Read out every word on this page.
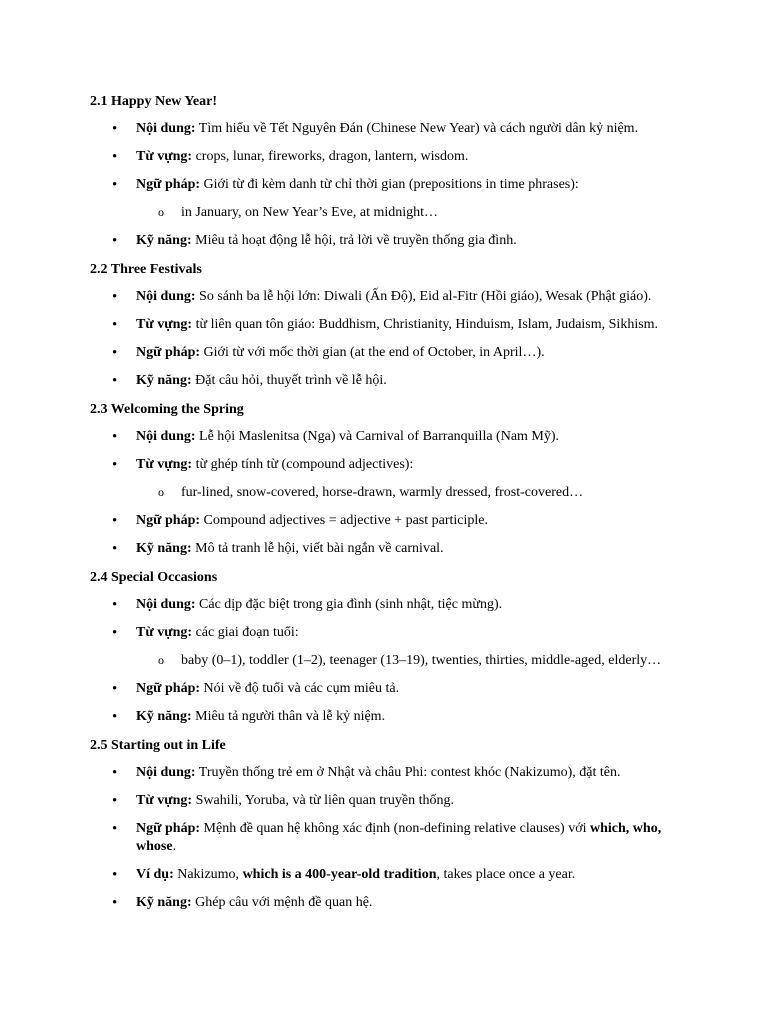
2.1 Happy New Year!
• Nội dung: Tìm hiểu về Tết Nguyên Đán (Chinese New Year) và cách người dân kỷ niệm.
• Từ vựng: crops, lunar, fireworks, dragon, lantern, wisdom.
• Ngữ pháp: Giới từ đi kèm danh từ chỉ thời gian (prepositions in time phrases):
o in January, on New Year’s Eve, at midnight…
• Kỹ năng: Miêu tả hoạt động lễ hội, trả lời về truyền thống gia đình.
2.2 Three Festivals
• Nội dung: So sánh ba lễ hội lớn: Diwali (Ấn Độ), Eid al-Fitr (Hồi giáo), Wesak (Phật giáo).
• Từ vựng: từ liên quan tôn giáo: Buddhism, Christianity, Hinduism, Islam, Judaism, Sikhism.
• Ngữ pháp: Giới từ với mốc thời gian (at the end of October, in April…).
• Kỹ năng: Đặt câu hỏi, thuyết trình về lễ hội.
2.3 Welcoming the Spring
• Nội dung: Lễ hội Maslenitsa (Nga) và Carnival of Barranquilla (Nam Mỹ).
• Từ vựng: từ ghép tính từ (compound adjectives):
o fur-lined, snow-covered, horse-drawn, warmly dressed, frost-covered…
• Ngữ pháp: Compound adjectives = adjective + past participle.
• Kỹ năng: Mô tả tranh lễ hội, viết bài ngắn về carnival.
2.4 Special Occasions
• Nội dung: Các dịp đặc biệt trong gia đình (sinh nhật, tiệc mừng).
• Từ vựng: các giai đoạn tuổi:
o baby (0–1), toddler (1–2), teenager (13–19), twenties, thirties, middle-aged, elderly…
• Ngữ pháp: Nói về độ tuổi và các cụm miêu tả.
• Kỹ năng: Miêu tả người thân và lễ kỷ niệm.
2.5 Starting out in Life
• Nội dung: Truyền thống trẻ em ở Nhật và châu Phi: contest khóc (Nakizumo), đặt tên.
• Từ vựng: Swahili, Yoruba, và từ liên quan truyền thống.
• Ngữ pháp: Mệnh đề quan hệ không xác định (non-defining relative clauses) với which, who, whose.
• Ví dụ: Nakizumo, which is a 400-year-old tradition, takes place once a year.
• Kỹ năng: Ghép câu với mệnh đề quan hệ.
